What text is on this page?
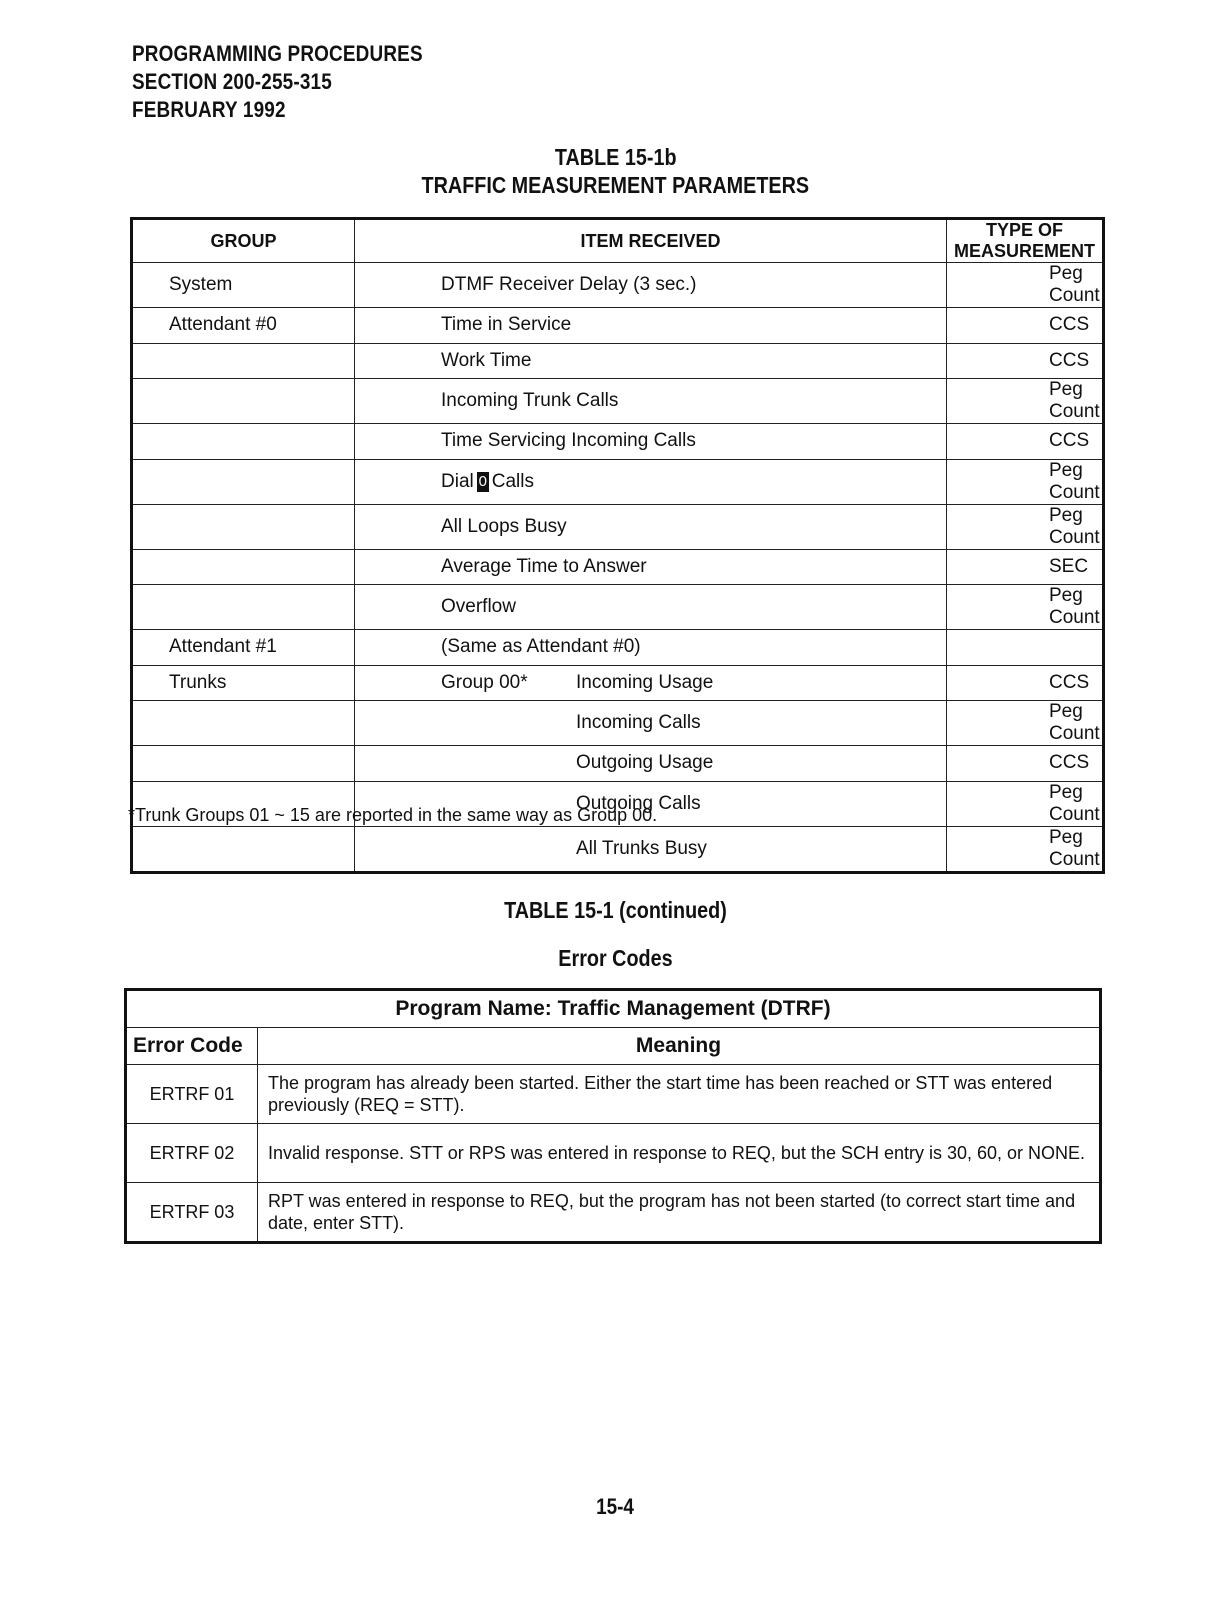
PROGRAMMING PROCEDURES
SECTION 200-255-315
FEBRUARY 1992
TABLE 15-1b
TRAFFIC MEASUREMENT PARAMETERS
GROUP	ITEM RECEIVED	TYPE OF MEASUREMENT
System	DTMF Receiver Delay (3 sec.)	Peg Count
Attendant #0	Time in Service	CCS
	Work Time	CCS
	Incoming Trunk Calls	Peg Count
	Time Servicing Incoming Calls	CCS
	Dial 0 Calls	Peg Count
	All Loops Busy	Peg Count
	Average Time to Answer	SEC
	Overflow	Peg Count
Attendant #1	(Same as Attendant #0)	
Trunks	Group 00* Incoming Usage	CCS
	Incoming Calls	Peg Count
	Outgoing Usage	CCS
	Outgoing Calls	Peg Count
	All Trunks Busy	Peg Count
*Trunk Groups 01 ~ 15 are reported in the same way as Group 00.
TABLE 15-1 (continued)
Error Codes
Program Name: Traffic Management (DTRF)	
Error Code	Meaning
ERTRF 01	The program has already been started. Either the start time has been reached or STT was entered previously (REQ = STT).
ERTRF 02	Invalid response. STT or RPS was entered in response to REQ, but the SCH entry is 30, 60, or NONE.
ERTRF 03	RPT was entered in response to REQ, but the program has not been started (to correct start time and date, enter STT).
15-4
